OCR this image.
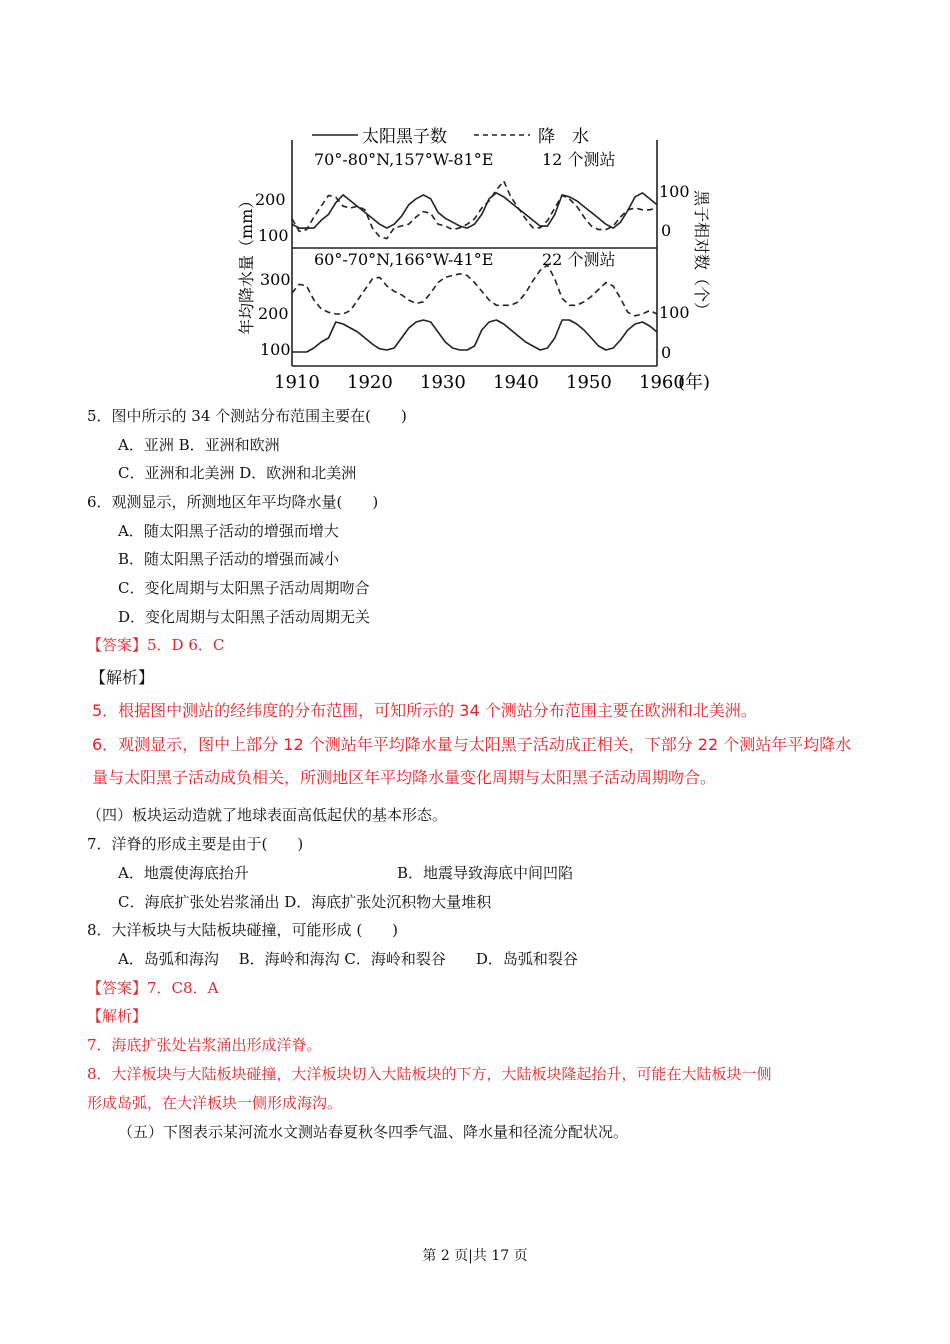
太阳黑子数	降　水
70°-80°N,157°W-81°E	12 个测站
60°-70°N,166°W-41°E	22 个测站
200
100
300
200
100
100
0
100
0
年均降水量（mm）	黑子相对数（个）
1910 1920 1930 1940 1950 1960
(年)
5．图中所示的 34 个测站分布范围主要在(　　)
A．亚洲 B．亚洲和欧洲
C．亚洲和北美洲 D．欧洲和北美洲
6．观测显示，所测地区年平均降水量(　　)
A．随太阳黑子活动的增强而增大
B．随太阳黑子活动的增强而减小
C．变化周期与太阳黑子活动周期吻合
D．变化周期与太阳黑子活动周期无关
【答案】5．D 6．C
【解析】
5．根据图中测站的经纬度的分布范围，可知所示的 34 个测站分布范围主要在欧洲和北美洲。
6．观测显示，图中上部分 12 个测站年平均降水量与太阳黑子活动成正相关，下部分 22 个测站年平均降水
量与太阳黑子活动成负相关，所测地区年平均降水量变化周期与太阳黑子活动周期吻合。
（四）板块运动造就了地球表面高低起伏的基本形态。
7．洋脊的形成主要是由于(　　)
A．地震使海底抬升	B．地震导致海底中间凹陷
C．海底扩张处岩浆涌出 D．海底扩张处沉积物大量堆积
8．大洋板块与大陆板块碰撞，可能形成 (　　)
A．岛弧和海沟　 B．海岭和海沟 C．海岭和裂谷　　D．岛弧和裂谷
【答案】7．C8．A
【解析】
7．海底扩张处岩浆涌出形成洋脊。
8．大洋板块与大陆板块碰撞，大洋板块切入大陆板块的下方，大陆板块隆起抬升，可能在大陆板块一侧
形成岛弧，在大洋板块一侧形成海沟。
（五）下图表示某河流水文测站春夏秋冬四季气温、降水量和径流分配状况。
第 2 页|共 17 页
